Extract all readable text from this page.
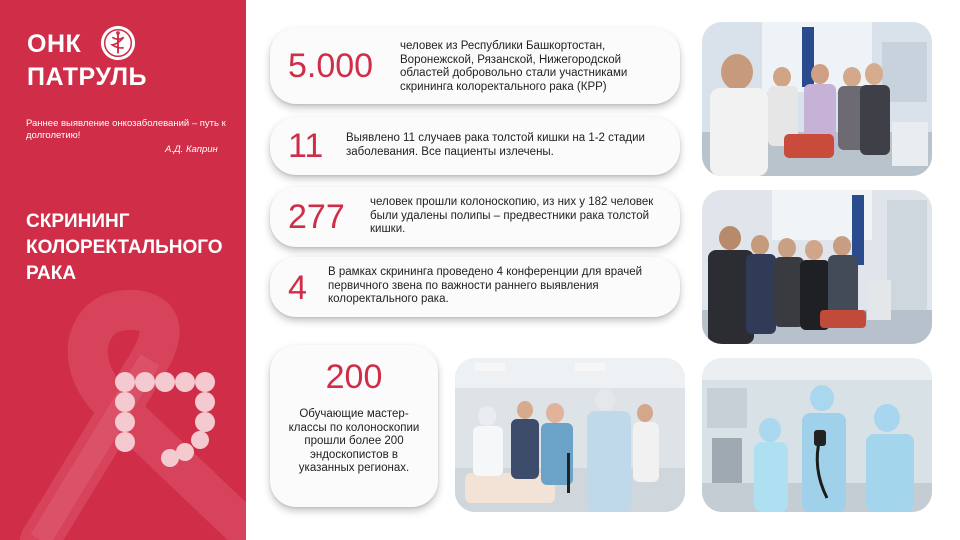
ОНК
ПАТРУЛЬ
Раннее выявление онкозаболеваний – путь к долголетию!
А.Д. Каприн
СКРИНИНГ
КОЛОРЕКТАЛЬНОГО
РАКА
5.000
человек из Республики Башкортостан, Воронежской, Рязанской, Нижегородской областей добровольно стали участниками скрининга колоректального рака (КРР)
11 Выявлено 11 случаев рака толстой кишки на 1-2 стадии заболевания. Все пациенты излечены.
277 человек прошли колоноскопию, из них у 182 человек были удалены полипы – предвестники рака толстой кишки.
4 В рамках скрининга проведено 4 конференции для врачей первичного звена по важности раннего выявления колоректального рака.
200
Обучающие мастер-классы по колоноскопии прошли более 200 эндоскопистов в указанных регионах.
